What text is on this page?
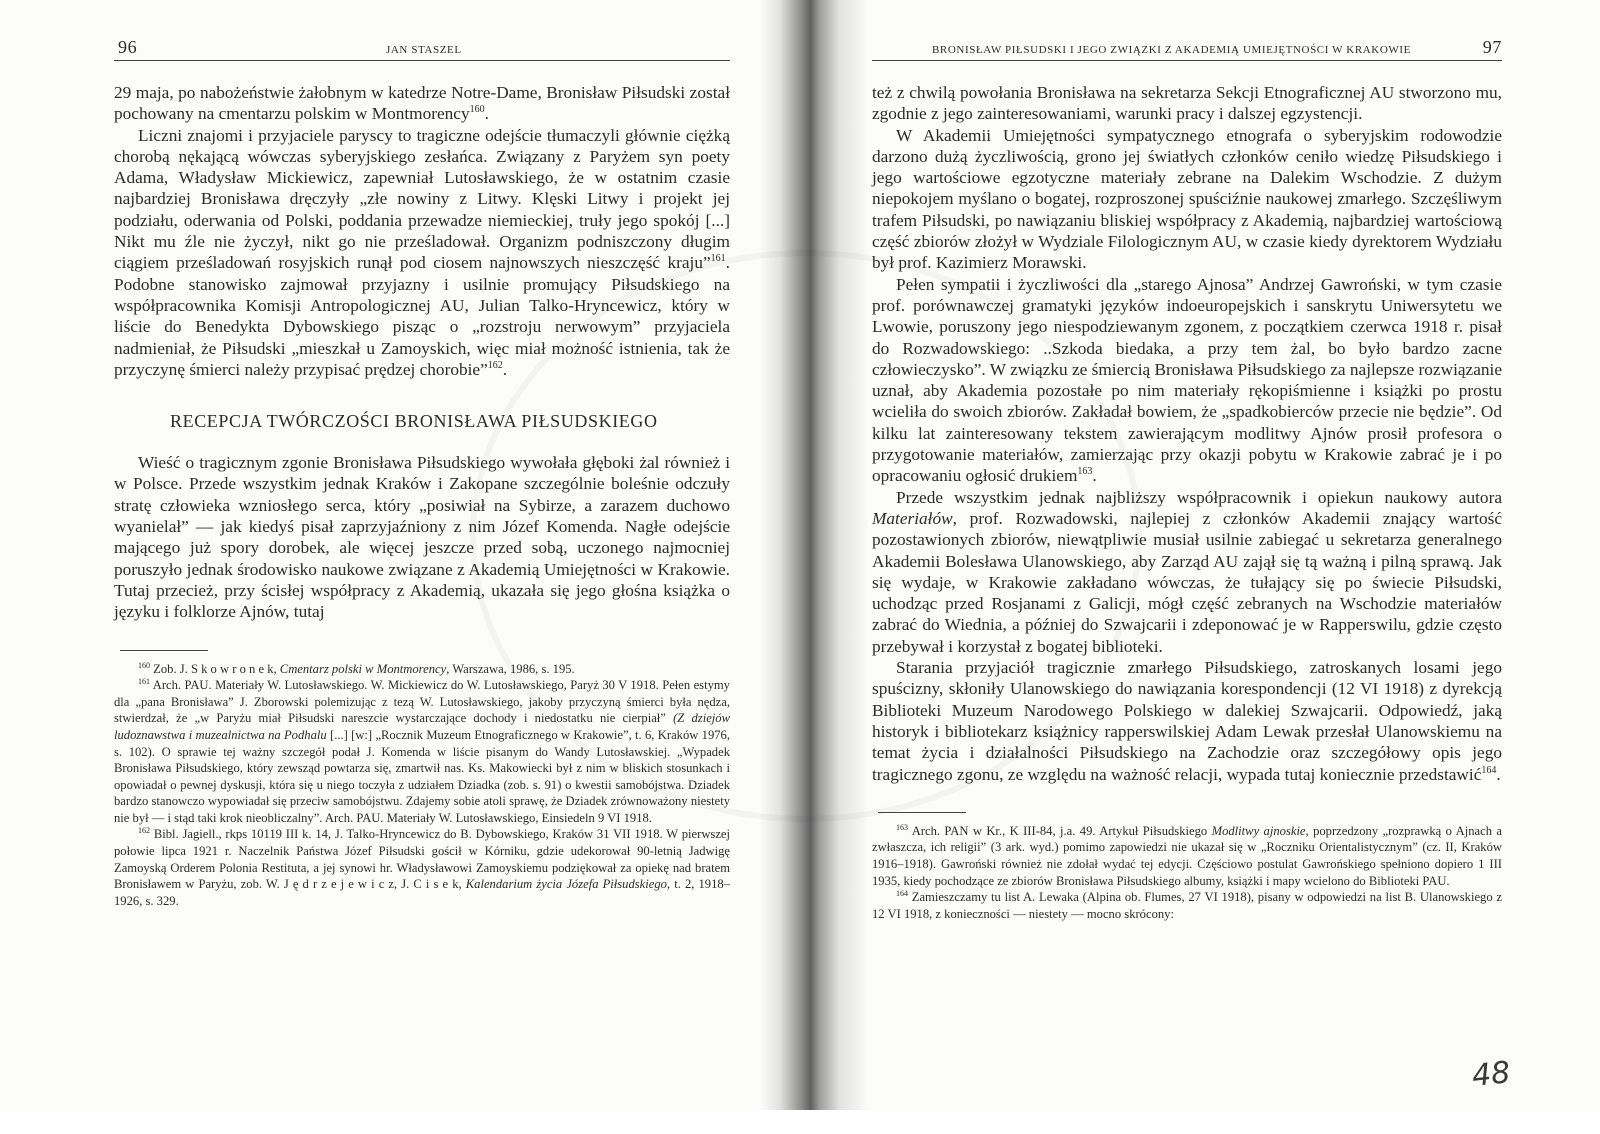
96	JAN STASZEL

29 maja, po nabożeństwie żałobnym w katedrze Notre-Dame, Bronisław Piłsudski został pochowany na cmentarzu polskim w Montmorency$^{160}$.

Liczni znajomi i przyjaciele paryscy to tragiczne odejście tłumaczyli głównie ciężką chorobą nękającą wówczas syberyjskiego zesłańca. Związany z Paryżem syn poety Adama, Władysław Mickiewicz, zapewniał Lutosławskiego, że w ostatnim czasie najbardziej Bronisława dręczyły „złe nowiny z Litwy. Klęski Litwy i projekt jej podziału, oderwania od Polski, poddania przewadze niemieckiej, truły jego spokój [...] Nikt mu źle nie życzył, nikt go nie prześladował. Organizm podniszczony długim ciągiem prześladowań rosyjskich runął pod ciosem najnowszych nieszczęść kraju”$^{161}$. Podobne stanowisko zajmował przyjazny i usilnie promujący Piłsudskiego na współpracownika Komisji Antropologicznej AU, Julian Talko-Hryncewicz, który w liście do Benedykta Dybowskiego pisząc o „rozstroju nerwowym” przyjaciela nadmieniał, że Piłsudski „mieszkał u Zamoyskich, więc miał możność istnienia, tak że przyczynę śmierci należy przypisać prędzej chorobie”$^{162}$.

RECEPCJA TWÓRCZOŚCI BRONISŁAWA PIŁSUDSKIEGO

Wieść o tragicznym zgonie Bronisława Piłsudskiego wywołała głęboki żal również i w Polsce. Przede wszystkim jednak Kraków i Zakopane szczególnie boleśnie odczuły stratę człowieka wzniosłego serca, który „posiwiał na Sybirze, a zarazem duchowo wyanielał” — jak kiedyś pisał zaprzyjaźniony z nim Józef Komenda. Nagłe odejście mającego już spory dorobek, ale więcej jeszcze przed sobą, uczonego najmocniej poruszyło jednak środowisko naukowe związane z Akademią Umiejętności w Krakowie. Tutaj przecież, przy ścisłej współpracy z Akademią, ukazała się jego głośna książka o języku i folklorze Ajnów, tutaj

$^{160}$ Zob. J. S k o w r o n e k, Cmentarz polski w Montmorency, Warszawa, 1986, s. 195.

$^{161}$ Arch. PAU. Materiały W. Lutosławskiego. W. Mickiewicz do W. Lutosławskiego, Paryż 30 V 1918. Pełen estymy dla „pana Bronisława” J. Zborowski polemizując z tezą W. Lutosławskiego, jakoby przyczyną śmierci była nędza, stwierdzał, że „w Paryżu miał Piłsudski nareszcie wystarczające dochody i niedostatku nie cierpiał” (Z dziejów ludoznawstwa i muzealnictwa na Podhalu [...] [w:] „Rocznik Muzeum Etnograficznego w Krakowie”, t. 6, Kraków 1976, s. 102). O sprawie tej ważny szczegół podał J. Komenda w liście pisanym do Wandy Lutosławskiej. „Wypadek Bronisława Piłsudskiego, który zewsząd powtarza się, zmartwił nas. Ks. Makowiecki był z nim w bliskich stosunkach i opowiadał o pewnej dyskusji, która się u niego toczyła z udziałem Dziadka (zob. s. 91) o kwestii samobójstwa. Dziadek bardzo stanowczo wypowiadał się przeciw samobójstwu. Zdajemy sobie atoli sprawę, że Dziadek zrównoważony niestety nie był — i stąd taki krok nieobliczalny”. Arch. PAU. Materiały W. Lutosławskiego, Einsiedeln 9 VI 1918.

$^{162}$ Bibl. Jagiell., rkps 10119 III k. 14, J. Talko-Hryncewicz do B. Dybowskiego, Kraków 31 VII 1918. W pierwszej połowie lipca 1921 r. Naczelnik Państwa Józef Piłsudski gościł w Kórniku, gdzie udekorował 90-letnią Jadwigę Zamoyską Orderem Polonia Restituta, a jej synowi hr. Władysławowi Zamoyskiemu podziękował za opiekę nad bratem Bronisławem w Paryżu, zob. W. J ę d r z e j e w i c z, J. C i s e k, Kalendarium życia Józefa Piłsudskiego, t. 2, 1918–1926, s. 329.

BRONISŁAW PIŁSUDSKI I JEGO ZWIĄZKI Z AKADEMIĄ UMIEJĘTNOŚCI W KRAKOWIE	97

też z chwilą powołania Bronisława na sekretarza Sekcji Etnograficznej AU stworzono mu, zgodnie z jego zainteresowaniami, warunki pracy i dalszej egzystencji.

W Akademii Umiejętności sympatycznego etnografa o syberyjskim rodowodzie darzono dużą życzliwością, grono jej światłych członków ceniło wiedzę Piłsudskiego i jego wartościowe egzotyczne materiały zebrane na Dalekim Wschodzie. Z dużym niepokojem myślano o bogatej, rozproszonej spuściźnie naukowej zmarłego. Szczęśliwym trafem Piłsudski, po nawiązaniu bliskiej współpracy z Akademią, najbardziej wartościową część zbiorów złożył w Wydziale Filologicznym AU, w czasie kiedy dyrektorem Wydziału był prof. Kazimierz Morawski.

Pełen sympatii i życzliwości dla „starego Ajnosa” Andrzej Gawroński, w tym czasie prof. porównawczej gramatyki języków indoeuropejskich i sanskrytu Uniwersytetu we Lwowie, poruszony jego niespodziewanym zgonem, z początkiem czerwca 1918 r. pisał do Rozwadowskiego: ..Szkoda biedaka, a przy tem żal, bo było bardzo zacne człowieczysko”. W związku ze śmiercią Bronisława Piłsudskiego za najlepsze rozwiązanie uznał, aby Akademia pozostałe po nim materiały rękopiśmienne i książki po prostu wcieliła do swoich zbiorów. Zakładał bowiem, że „spadkobierców przecie nie będzie”. Od kilku lat zainteresowany tekstem zawierającym modlitwy Ajnów prosił profesora o przygotowanie materiałów, zamierzając przy okazji pobytu w Krakowie zabrać je i po opracowaniu ogłosić drukiem$^{163}$.

Przede wszystkim jednak najbliższy współpracownik i opiekun naukowy autora Materiałów, prof. Rozwadowski, najlepiej z członków Akademii znający wartość pozostawionych zbiorów, niewątpliwie musiał usilnie zabiegać u sekretarza generalnego Akademii Bolesława Ulanowskiego, aby Zarząd AU zajął się tą ważną i pilną sprawą. Jak się wydaje, w Krakowie zakładano wówczas, że tułający się po świecie Piłsudski, uchodząc przed Rosjanami z Galicji, mógł część zebranych na Wschodzie materiałów zabrać do Wiednia, a później do Szwajcarii i zdeponować je w Rapperswilu, gdzie często przebywał i korzystał z bogatej biblioteki.

Starania przyjaciół tragicznie zmarłego Piłsudskiego, zatroskanych losami jego spuścizny, skłoniły Ulanowskiego do nawiązania korespondencji (12 VI 1918) z dyrekcją Biblioteki Muzeum Narodowego Polskiego w dalekiej Szwajcarii. Odpowiedź, jaką historyk i bibliotekarz książnicy rapperswilskiej Adam Lewak przesłał Ulanowskiemu na temat życia i działalności Piłsudskiego na Zachodzie oraz szczegółowy opis jego tragicznego zgonu, ze względu na ważność relacji, wypada tutaj koniecznie przedstawić$^{164}$.

$^{163}$ Arch. PAN w Kr., K III-84, j.a. 49. Artykuł Piłsudskiego Modlitwy ajnoskie, poprzedzony „rozprawką o Ajnach a zwłaszcza, ich religii” (3 ark. wyd.) pomimo zapowiedzi nie ukazał się w „Roczniku Orientalistycznym” (cz. II, Kraków 1916–1918). Gawroński również nie zdołał wydać tej edycji. Częściowo postulat Gawrońskiego spełniono dopiero 1 III 1935, kiedy pochodzące ze zbiorów Bronisława Piłsudskiego albumy, książki i mapy wcielono do Biblioteki PAU.

$^{164}$ Zamieszczamy tu list A. Lewaka (Alpina ob. Flumes, 27 VI 1918), pisany w odpowiedzi na list B. Ulanowskiego z 12 VI 1918, z konieczności — niestety — mocno skrócony:

48
